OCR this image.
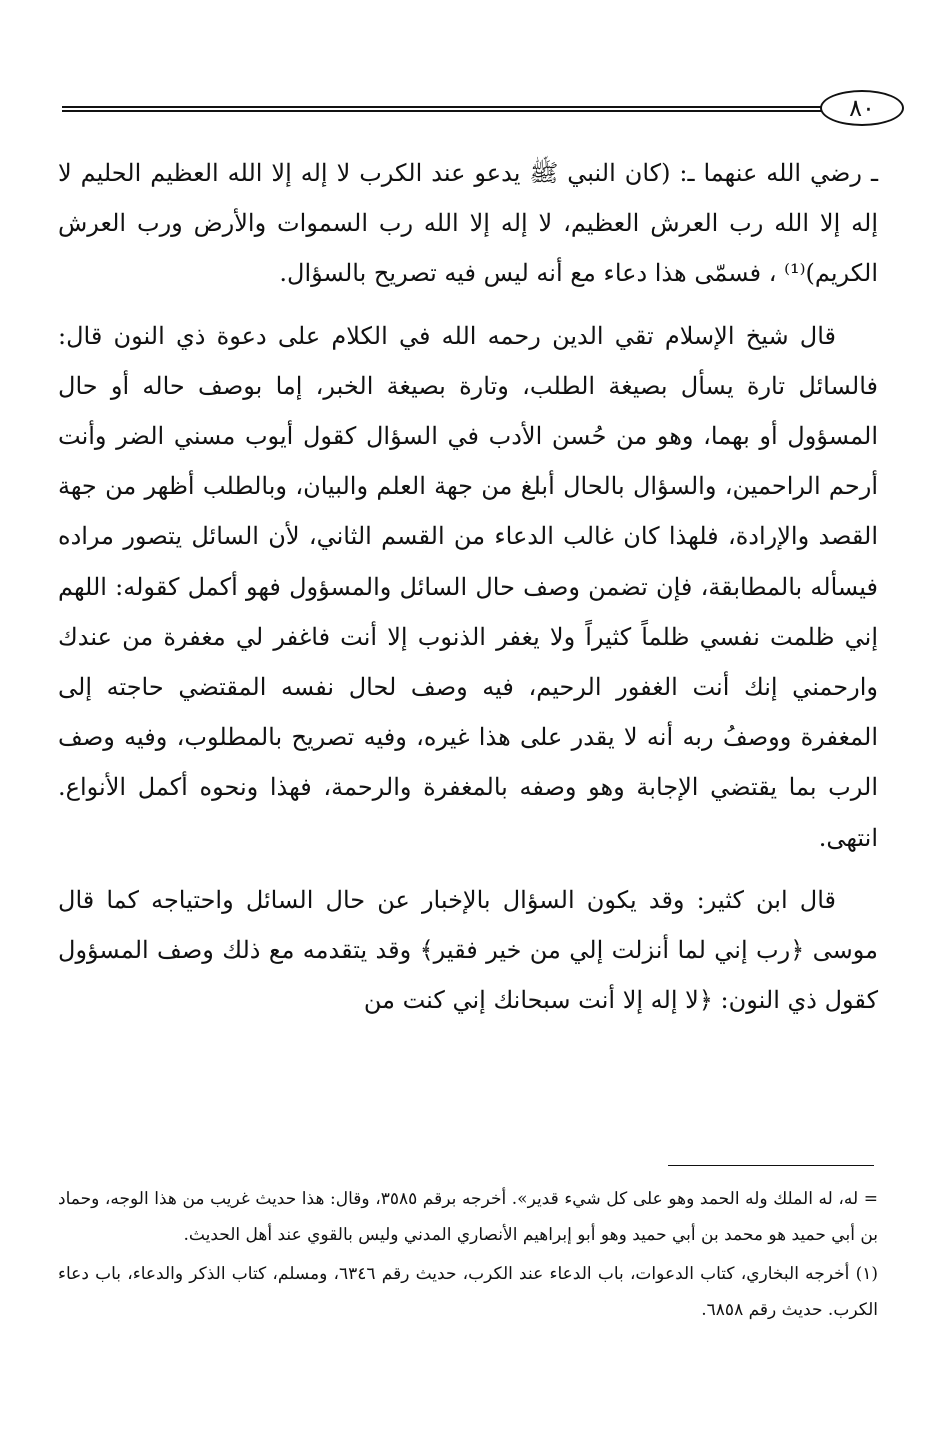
٨٠

ـ رضي الله عنهما ـ: (كان النبي ﷺ يدعو عند الكرب لا إله إلا الله العظيم الحليم لا إله إلا الله رب العرش العظيم، لا إله إلا الله رب السموات والأرض ورب العرش الكريم)⁽¹⁾ ، فسمّى هذا دعاء مع أنه ليس فيه تصريح بالسؤال.

قال شيخ الإسلام تقي الدين رحمه الله في الكلام على دعوة ذي النون قال: فالسائل تارة يسأل بصيغة الطلب، وتارة بصيغة الخبر، إما بوصف حاله أو حال المسؤول أو بهما، وهو من حُسن الأدب في السؤال كقول أيوب مسني الضر وأنت أرحم الراحمين، والسؤال بالحال أبلغ من جهة العلم والبيان، وبالطلب أظهر من جهة القصد والإرادة، فلهذا كان غالب الدعاء من القسم الثاني، لأن السائل يتصور مراده فيسأله بالمطابقة، فإن تضمن وصف حال السائل والمسؤول فهو أكمل كقوله: اللهم إني ظلمت نفسي ظلماً كثيراً ولا يغفر الذنوب إلا أنت فاغفر لي مغفرة من عندك وارحمني إنك أنت الغفور الرحيم، فيه وصف لحال نفسه المقتضي حاجته إلى المغفرة ووصفُ ربه أنه لا يقدر على هذا غيره، وفيه تصريح بالمطلوب، وفيه وصف الرب بما يقتضي الإجابة وهو وصفه بالمغفرة والرحمة، فهذا ونحوه أكمل الأنواع. انتهى.

قال ابن كثير: وقد يكون السؤال بالإخبار عن حال السائل واحتياجه كما قال موسى ﴿رب إني لما أنزلت إلي من خير فقير﴾ وقد يتقدمه مع ذلك وصف المسؤول كقول ذي النون: ﴿لا إله إلا أنت سبحانك إني كنت من

= له، له الملك وله الحمد وهو على كل شيء قدير». أخرجه برقم ٣٥٨٥، وقال: هذا حديث غريب من هذا الوجه، وحماد بن أبي حميد هو محمد بن أبي حميد وهو أبو إبراهيم الأنصاري المدني وليس بالقوي عند أهل الحديث.

(١) أخرجه البخاري، كتاب الدعوات، باب الدعاء عند الكرب، حديث رقم ٦٣٤٦، ومسلم، كتاب الذكر والدعاء، باب دعاء الكرب. حديث رقم ٦٨٥٨.
